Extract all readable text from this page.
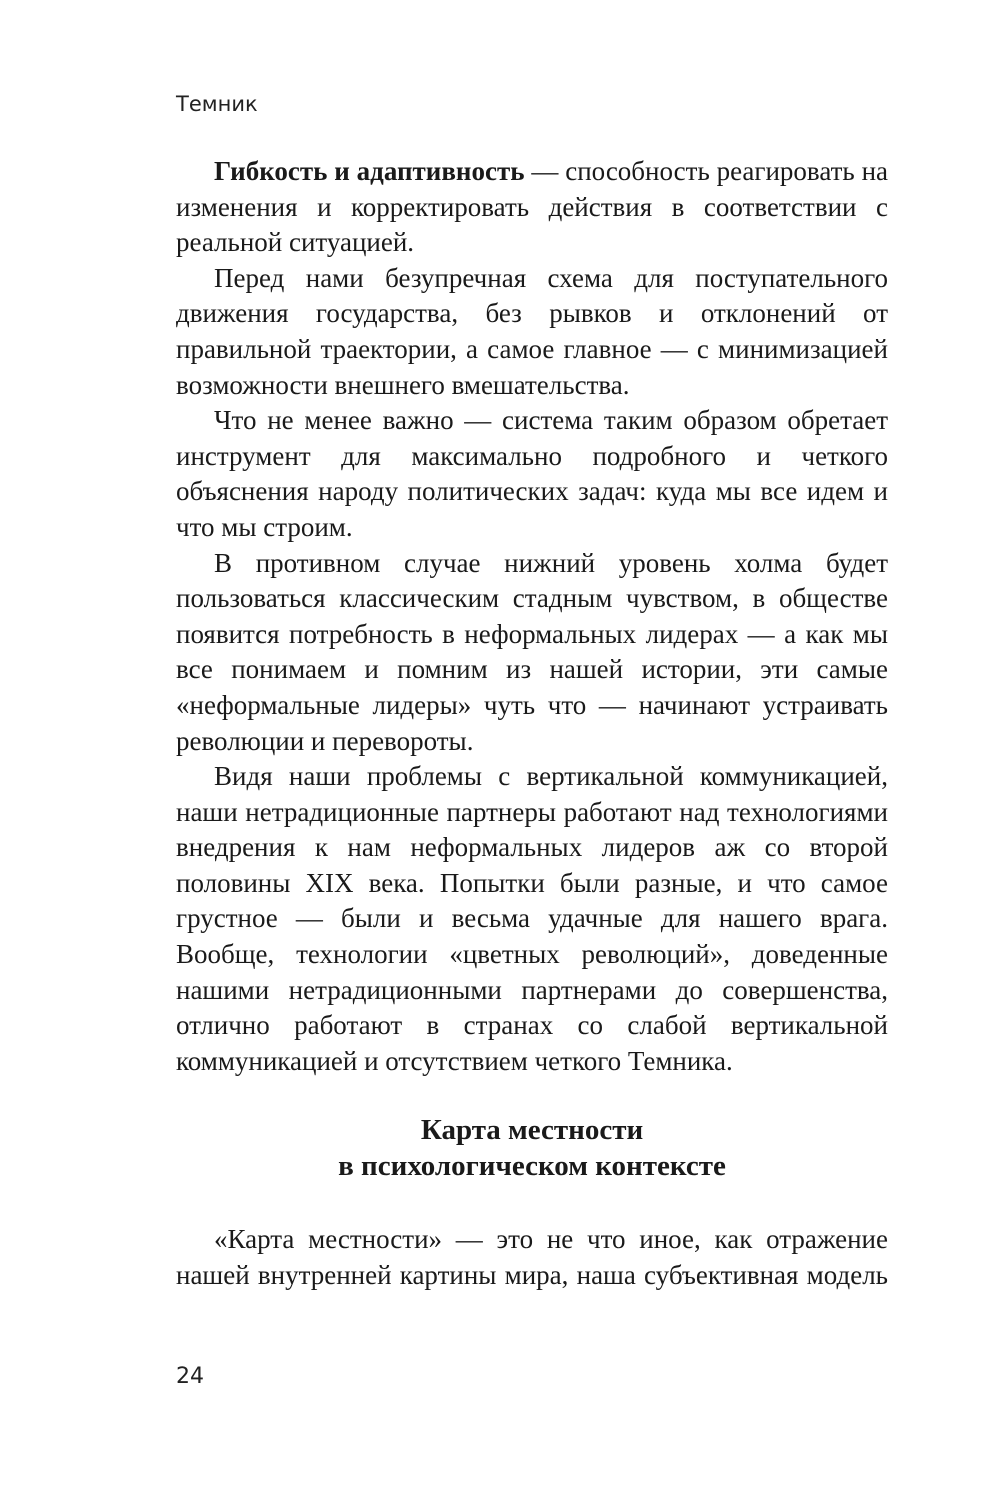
Темник

Гибкость и адаптивность — способность реагировать на изменения и корректировать действия в соответствии с реальной ситуацией.

Перед нами безупречная схема для поступательного движения государства, без рывков и отклонений от правильной траектории, а самое главное — с минимизацией возможности внешнего вмешательства.

Что не менее важно — система таким образом обретает инструмент для максимально подробного и четкого объяснения народу политических задач: куда мы все идем и что мы строим.

В противном случае нижний уровень холма будет пользоваться классическим стадным чувством, в обществе появится потребность в неформальных лидерах — а как мы все понимаем и помним из нашей истории, эти самые «неформальные лидеры» чуть что — начинают устраивать революции и перевороты.

Видя наши проблемы с вертикальной коммуникацией, наши нетрадиционные партнеры работают над технологиями внедрения к нам неформальных лидеров аж со второй половины XIX века. Попытки были разные, и что самое грустное — были и весьма удачные для нашего врага. Вообще, технологии «цветных революций», доведенные нашими нетрадиционными партнерами до совершенства, отлично работают в странах со слабой вертикальной коммуникацией и отсутствием четкого Темника.

Карта местности
в психологическом контексте
«Карта местности» — это не что иное, как отражение нашей внутренней картины мира, наша субъективная модель
24
